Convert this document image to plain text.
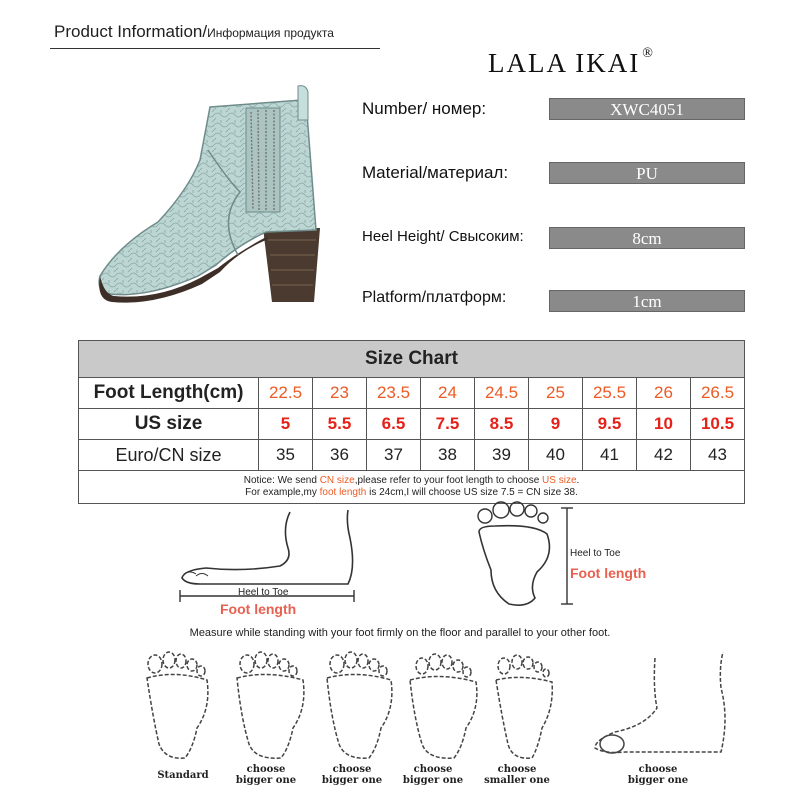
Product Information/Информация продукта
LALA IKAI ®
Number/ номер:	XWC4051
Material/материал:	PU
Heel Height/ Свысоким:	8cm
Platform/платформ:	1cm
Size Chart									
Foot Length(cm)	22.5	23	23.5	24	24.5	25	25.5	26	26.5
US size	5	5.5	6.5	7.5	8.5	9	9.5	10	10.5
Euro/CN size	35	36	37	38	39	40	41	42	43
Notice: We send CN size,please refer to your foot length to choose US size.
For example,my foot length is 24cm,I will choose US size 7.5 = CN size 38.									
Heel to Toe
Foot length
Heel to Toe
Foot length
Measure while standing with your foot firmly on the floor and parallel to your other foot.
Standard
choose
bigger one
choose
bigger one
choose
bigger one
choose
smaller one
choose
bigger one
